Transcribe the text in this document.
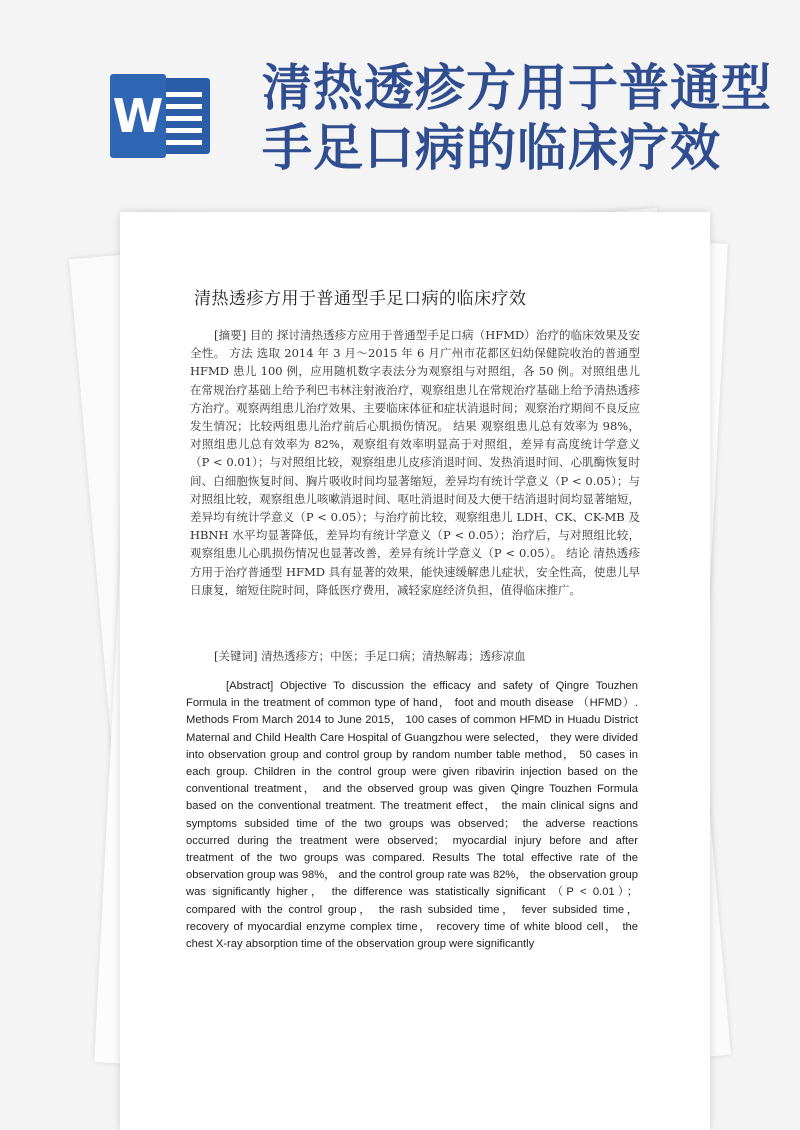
W 清热透疹方用于普通型
手足口病的临床疗效
清热透疹方用于普通型手足口病的临床疗效
[摘要] 目的 探讨清热透疹方应用于普通型手足口病（HFMD）治疗的临床效果及安全性。 方法 选取 2014 年 3 月～2015 年 6 月广州市花都区妇幼保健院收治的普通型 HFMD 患儿 100 例，应用随机数字表法分为观察组与对照组，各 50 例。对照组患儿在常规治疗基础上给予利巴韦林注射液治疗，观察组患儿在常规治疗基础上给予清热透疹方治疗。观察两组患儿治疗效果、主要临床体征和症状消退时间；观察治疗期间不良反应发生情况；比较两组患儿治疗前后心肌损伤情况。 结果 观察组患儿总有效率为 98%，对照组患儿总有效率为 82%，观察组有效率明显高于对照组，差异有高度统计学意义（P < 0.01）；与对照组比较，观察组患儿皮疹消退时间、发热消退时间、心肌酶恢复时间、白细胞恢复时间、胸片吸收时间均显著缩短，差异均有统计学意义（P < 0.05）；与对照组比较，观察组患儿咳嗽消退时间、呕吐消退时间及大便干结消退时间均显著缩短，差异均有统计学意义（P < 0.05）；与治疗前比较，观察组患儿 LDH、CK、CK-MB 及 HBNH 水平均显著降低，差异均有统计学意义（P < 0.05）；治疗后，与对照组比较，观察组患儿心肌损伤情况也显著改善，差异有统计学意义（P < 0.05）。 结论 清热透疹方用于治疗普通型 HFMD 具有显著的效果，能快速缓解患儿症状，安全性高，使患儿早日康复，缩短住院时间，降低医疗费用，减轻家庭经济负担，值得临床推广。
[关键词] 清热透疹方；中医；手足口病；清热解毒；透疹凉血
[Abstract] Objective To discussion the efficacy and safety of Qingre Touzhen Formula in the treatment of common type of hand， foot and mouth disease （HFMD）. Methods From March 2014 to June 2015， 100 cases of common HFMD in Huadu District Maternal and Child Health Care Hospital of Guangzhou were selected， they were divided into observation group and control group by random number table method， 50 cases in each group. Children in the control group were given ribavirin injection based on the conventional treatment， and the observed group was given Qingre Touzhen Formula based on the conventional treatment. The treatment effect， the main clinical signs and symptoms subsided time of the two groups was observed； the adverse reactions occurred during the treatment were observed； myocardial injury before and after treatment of the two groups was compared. Results The total effective rate of the observation group was 98%， and the control group rate was 82%， the observation group was significantly higher， the difference was statistically significant （P < 0.01）； compared with the control group， the rash subsided time， fever subsided time， recovery of myocardial enzyme complex time， recovery time of white blood cell， the chest X-ray absorption time of the observation group were significantly
